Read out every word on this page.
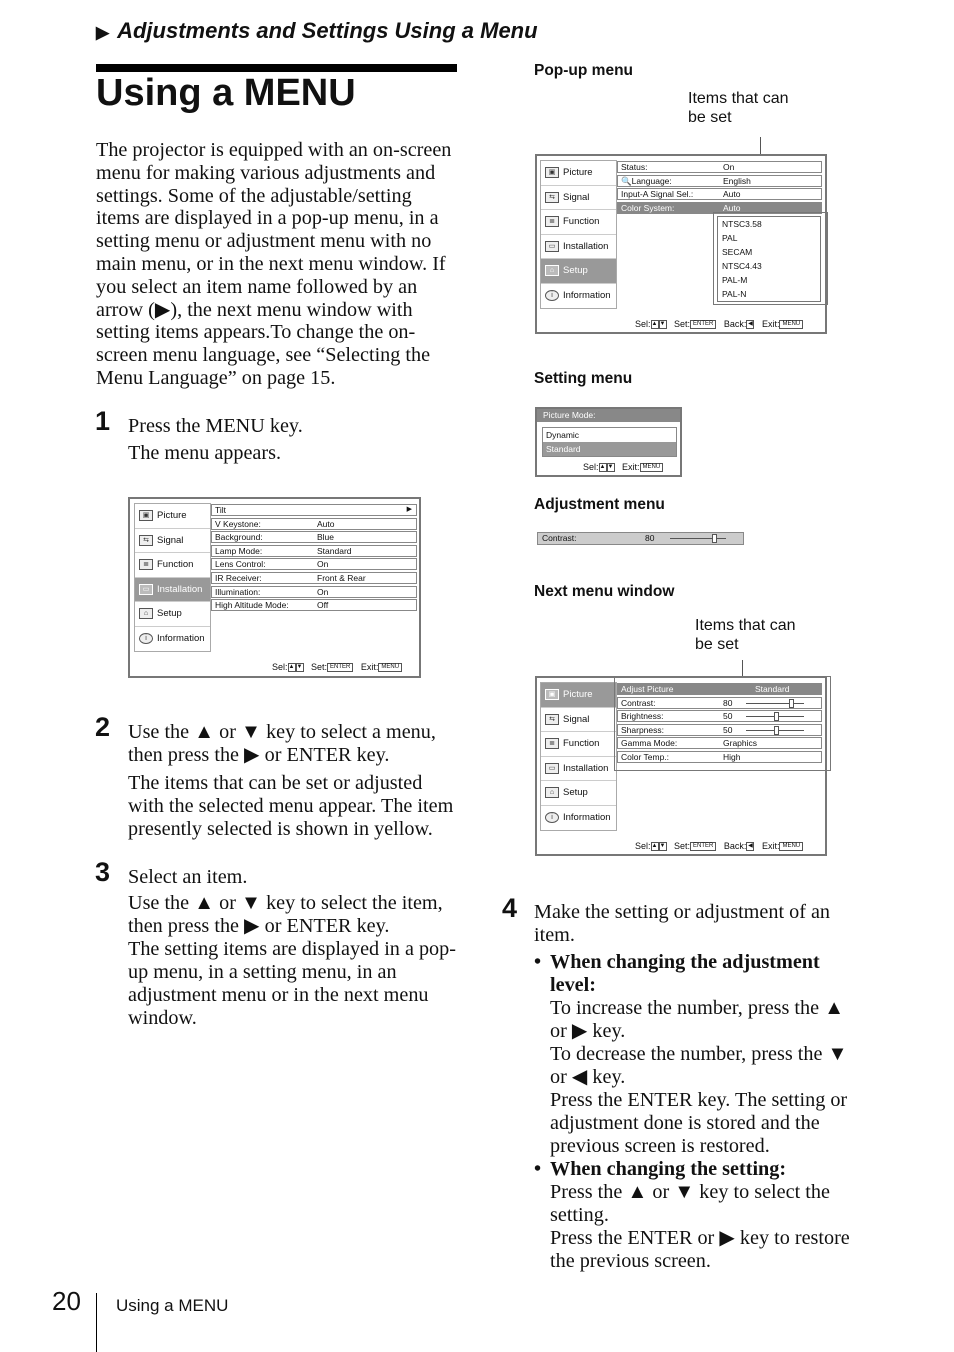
▶ Adjustments and Settings Using a Menu
Using a MENU
The projector is equipped with an on-screen menu for making various adjustments and settings. Some of the adjustable/setting items are displayed in a pop-up menu, in a setting menu or adjustment menu with no main menu, or in the next menu window. If you select an item name followed by an arrow (▶), the next menu window with setting items appears.To change the on-screen menu language, see “Selecting the Menu Language” on page 15.
1 Press the MENU key.
The menu appears.
▣ Picture
⇆ Signal
≣ Function
▭ Installation
⌂ Setup
i	Information
Tilt	▶
V Keystone:	Auto
Background:	Blue
Lamp Mode:	Standard
Lens Control:	On
IR Receiver:	Front & Rear
Illumination:	On
High Altitude Mode:	Off
Sel:▲ ▼ Set: ENTER Exit: MENU
2 Use the ▲ or ▼ key to select a menu, then press the ▶ or ENTER key.
The items that can be set or adjusted with the selected menu appear. The item presently selected is shown in yellow.
3 Select an item.
Use the ▲ or ▼ key to select the item, then press the ▶ or ENTER key.
The setting items are displayed in a pop-up menu, in a setting menu, in an adjustment menu or in the next menu window.
Pop-up menu
Items that can be set
▣ Picture
⇆ Signal
≣ Function
▭ Installation
⌂ Setup
i	Information
Status:	On
🔍Language:	English
Input-A Signal Sel.:	Auto
Color System:	Auto
NTSC3.58
PAL
SECAM
NTSC4.43
PAL-M
PAL-N
Sel:▲ ▼ Set: ENTER Back: ◀ Exit: MENU
Setting menu
Picture Mode:
Dynamic
Standard
Sel:▲ ▼ Exit: MENU
Adjustment menu
Contrast:	80
Next menu window
Items that can be set
▣ Picture
⇆ Signal
≣ Function
▭ Installation
⌂ Setup
i	Information
Adjust Picture	Standard
Contrast:	80
Brightness:	50
Sharpness:	50
Gamma Mode:	Graphics
Color Temp.:	High
Sel:▲ ▼ Set: ENTER Back: ◀ Exit: MENU
4 Make the setting or adjustment of an item.
• When changing the adjustment level:
To increase the number, press the ▲ or ▶ key.
To decrease the number, press the ▼ or ◀ key.
Press the ENTER key. The setting or adjustment done is stored and the previous screen is restored.
• When changing the setting:
Press the ▲ or ▼ key to select the setting.
Press the ENTER or ▶ key to restore the previous screen.
20 Using a MENU
